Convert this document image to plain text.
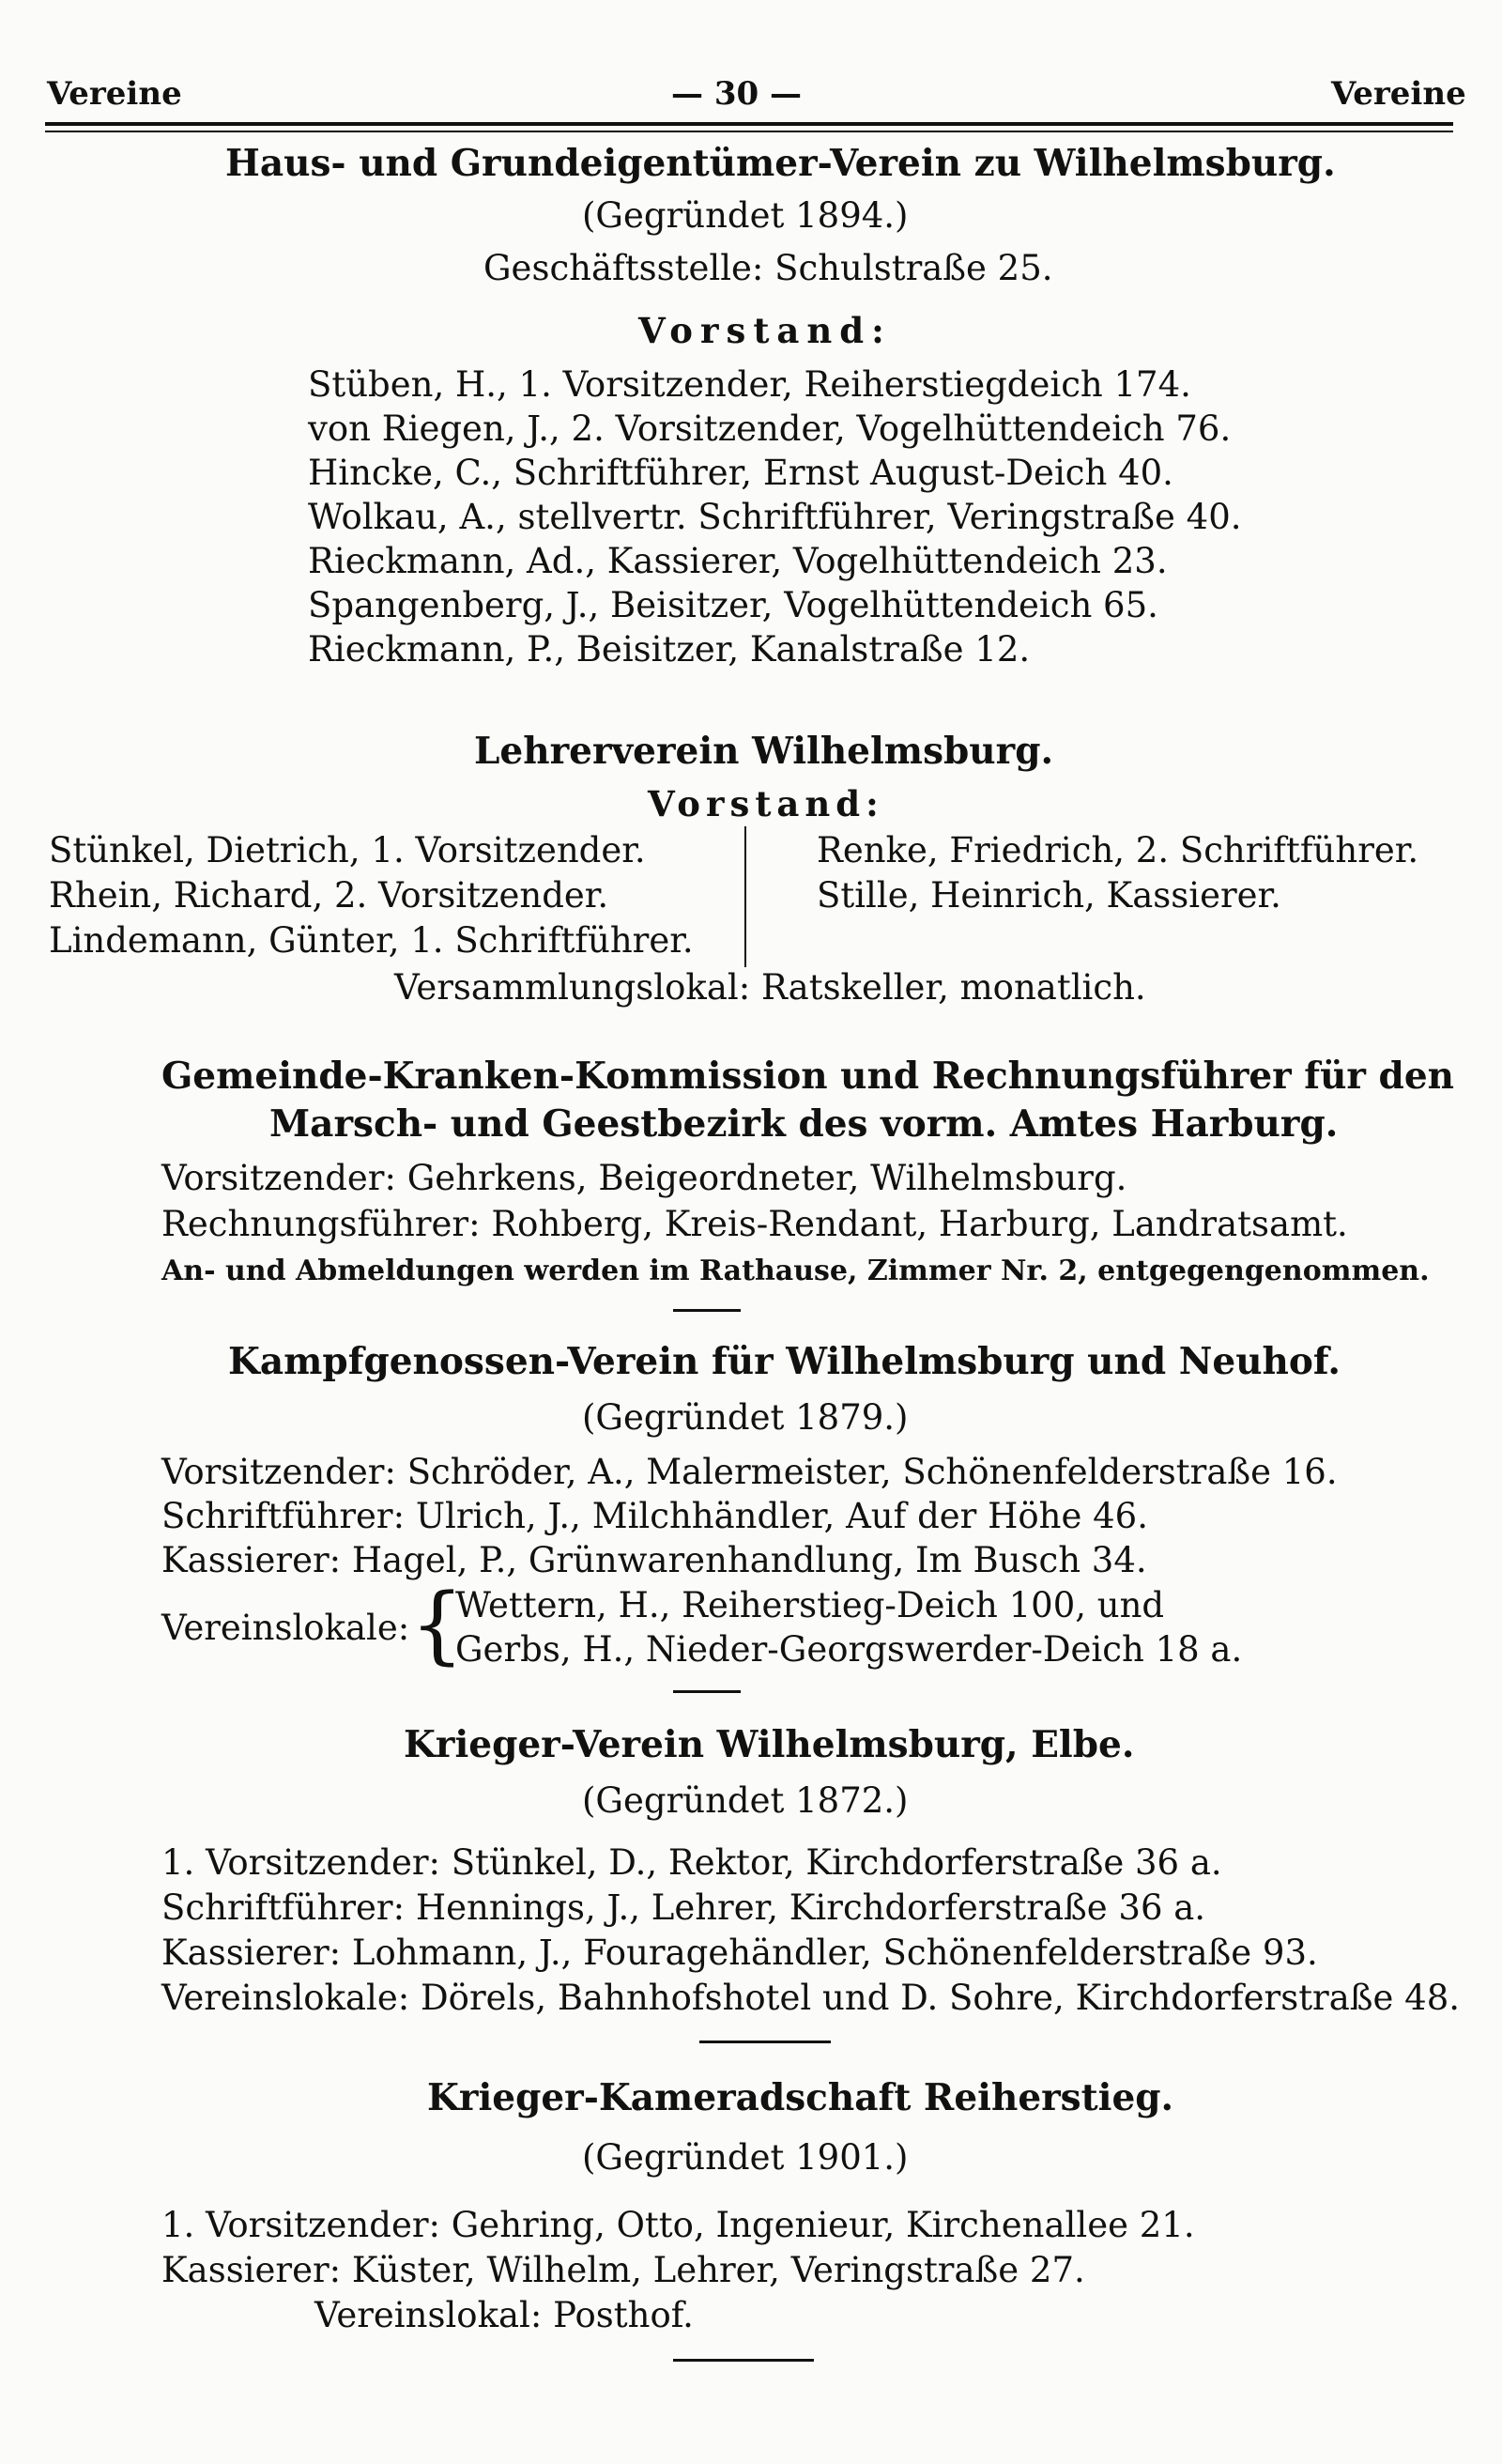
Vereine	— 30 —	Vereine
Haus- und Grundeigentümer-Verein zu Wilhelmsburg.
(Gegründet 1894.)
Geschäftsstelle: Schulstraße 25.
Vorstand:
Stüben, H., 1. Vorsitzender, Reiherstiegdeich 174.
von Riegen, J., 2. Vorsitzender, Vogelhüttendeich 76.
Hincke, C., Schriftführer, Ernst August-Deich 40.
Wolkau, A., stellvertr. Schriftführer, Veringstraße 40.
Rieckmann, Ad., Kassierer, Vogelhüttendeich 23.
Spangenberg, J., Beisitzer, Vogelhüttendeich 65.
Rieckmann, P., Beisitzer, Kanalstraße 12.
Lehrerverein Wilhelmsburg.
Vorstand:
Stünkel, Dietrich, 1. Vorsitzender.
Rhein, Richard, 2. Vorsitzender.
Lindemann, Günter, 1. Schriftführer.
Renke, Friedrich, 2. Schriftführer.
Stille, Heinrich, Kassierer.
Versammlungslokal: Ratskeller, monatlich.
Gemeinde-Kranken-Kommission und Rechnungsführer für den
Marsch- und Geestbezirk des vorm. Amtes Harburg.
Vorsitzender: Gehrkens, Beigeordneter, Wilhelmsburg.
Rechnungsführer: Rohberg, Kreis-Rendant, Harburg, Landratsamt.
An- und Abmeldungen werden im Rathause, Zimmer Nr. 2, entgegengenommen.
Kampfgenossen-Verein für Wilhelmsburg und Neuhof.
(Gegründet 1879.)
Vorsitzender: Schröder, A., Malermeister, Schönenfelderstraße 16.
Schriftführer: Ulrich, J., Milchhändler, Auf der Höhe 46.
Kassierer: Hagel, P., Grünwarenhandlung, Im Busch 34.
Vereinslokale: {
Wettern, H., Reiherstieg-Deich 100, und
Gerbs, H., Nieder-Georgswerder-Deich 18 a.
Krieger-Verein Wilhelmsburg, Elbe.
(Gegründet 1872.)
1. Vorsitzender: Stünkel, D., Rektor, Kirchdorferstraße 36 a.
Schriftführer: Hennings, J., Lehrer, Kirchdorferstraße 36 a.
Kassierer: Lohmann, J., Fouragehändler, Schönenfelderstraße 93.
Vereinslokale: Dörels, Bahnhofshotel und D. Sohre, Kirchdorferstraße 48.
Krieger-Kameradschaft Reiherstieg.
(Gegründet 1901.)
1. Vorsitzender: Gehring, Otto, Ingenieur, Kirchenallee 21.
Kassierer: Küster, Wilhelm, Lehrer, Veringstraße 27.
Vereinslokal: Posthof.
